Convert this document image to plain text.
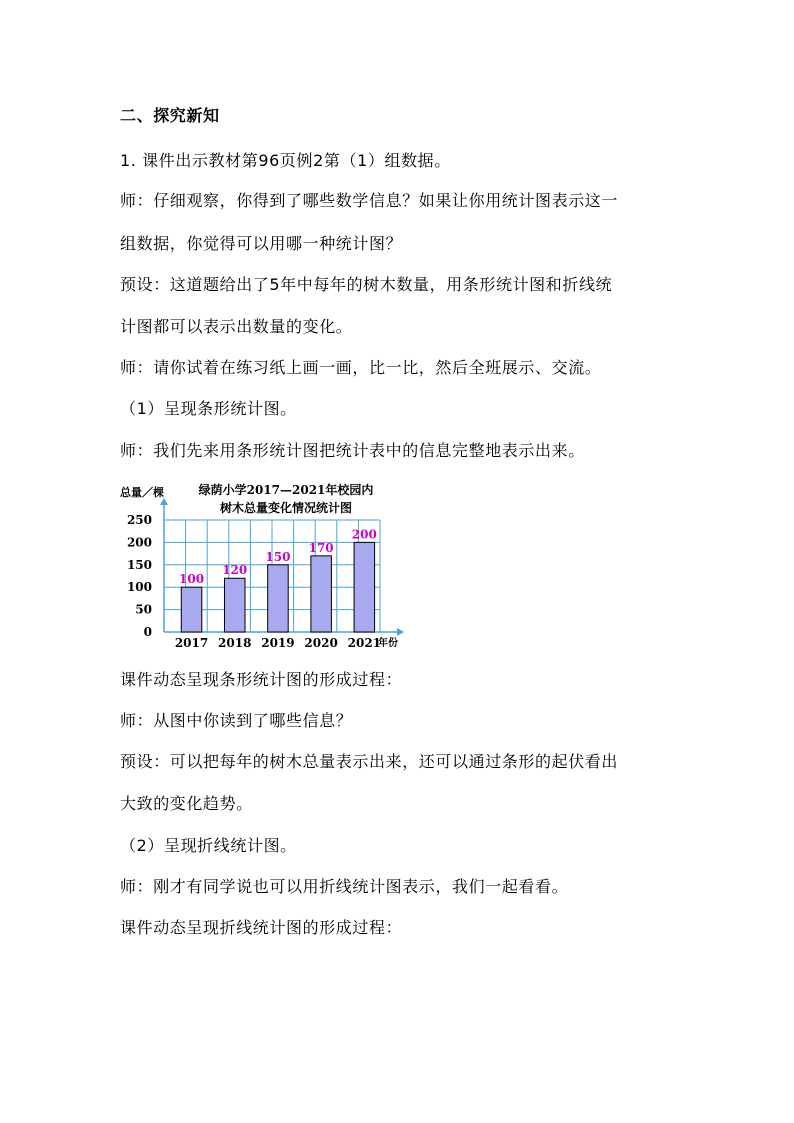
二、探究新知
1. 课件出示教材第96页例2第（1）组数据。
师：仔细观察，你得到了哪些数学信息？如果让你用统计图表示这一
组数据，你觉得可以用哪一种统计图？
预设：这道题给出了5年中每年的树木数量，用条形统计图和折线统
计图都可以表示出数量的变化。
师：请你试着在练习纸上画一画，比一比，然后全班展示、交流。
（1）呈现条形统计图。
师：我们先来用条形统计图把统计表中的信息完整地表示出来。
总量／棵	绿荫小学2017—2021年校园内
树木总量变化情况统计图
0
50
100
150
200
250
100
120
150
170
200
2017 2018 2019 2020 2021
年份
课件动态呈现条形统计图的形成过程：
师：从图中你读到了哪些信息？
预设：可以把每年的树木总量表示出来，还可以通过条形的起伏看出
大致的变化趋势。
（2）呈现折线统计图。
师：刚才有同学说也可以用折线统计图表示，我们一起看看。
课件动态呈现折线统计图的形成过程：
